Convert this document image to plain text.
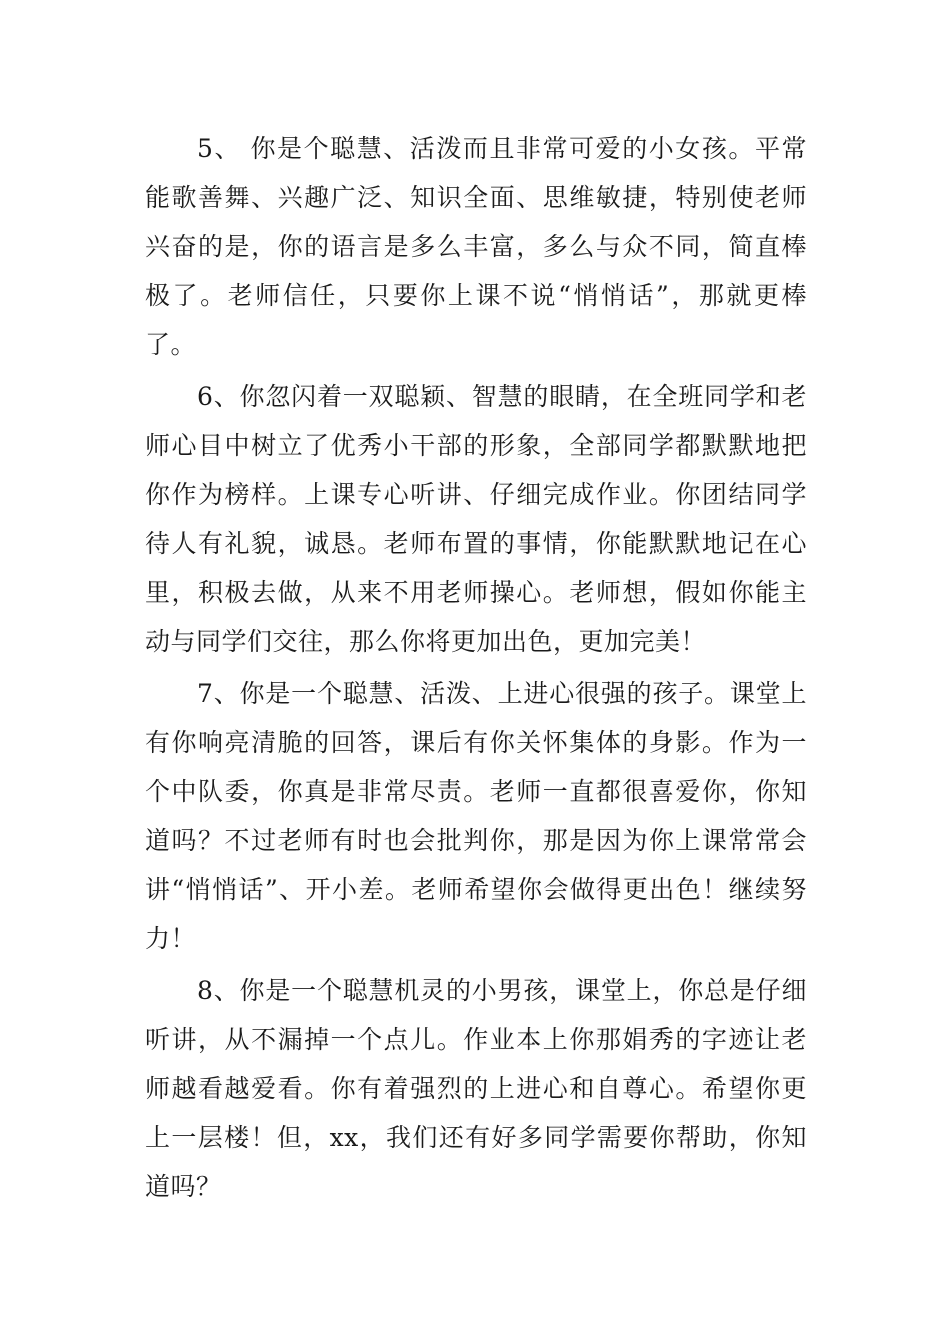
5、 你是个聪慧、活泼而且非常可爱的小女孩。平常能歌善舞、兴趣广泛、知识全面、思维敏捷，特别使老师兴奋的是，你的语言是多么丰富，多么与众不同，简直棒极了。老师信任，只要你上课不说“悄悄话”，那就更棒了。

6、你忽闪着一双聪颖、智慧的眼睛，在全班同学和老师心目中树立了优秀小干部的形象，全部同学都默默地把你作为榜样。上课专心听讲、仔细完成作业。你团结同学待人有礼貌，诚恳。老师布置的事情，你能默默地记在心里，积极去做，从来不用老师操心。老师想，假如你能主动与同学们交往，那么你将更加出色，更加完美！

7、你是一个聪慧、活泼、上进心很强的孩子。课堂上有你响亮清脆的回答，课后有你关怀集体的身影。作为一个中队委，你真是非常尽责。老师一直都很喜爱你，你知道吗？不过老师有时也会批判你，那是因为你上课常常会讲“悄悄话”、开小差。老师希望你会做得更出色！继续努力！

8、你是一个聪慧机灵的小男孩，课堂上，你总是仔细听讲，从不漏掉一个点儿。作业本上你那娟秀的字迹让老师越看越爱看。你有着强烈的上进心和自尊心。希望你更上一层楼！但，xx，我们还有好多同学需要你帮助，你知道吗？
